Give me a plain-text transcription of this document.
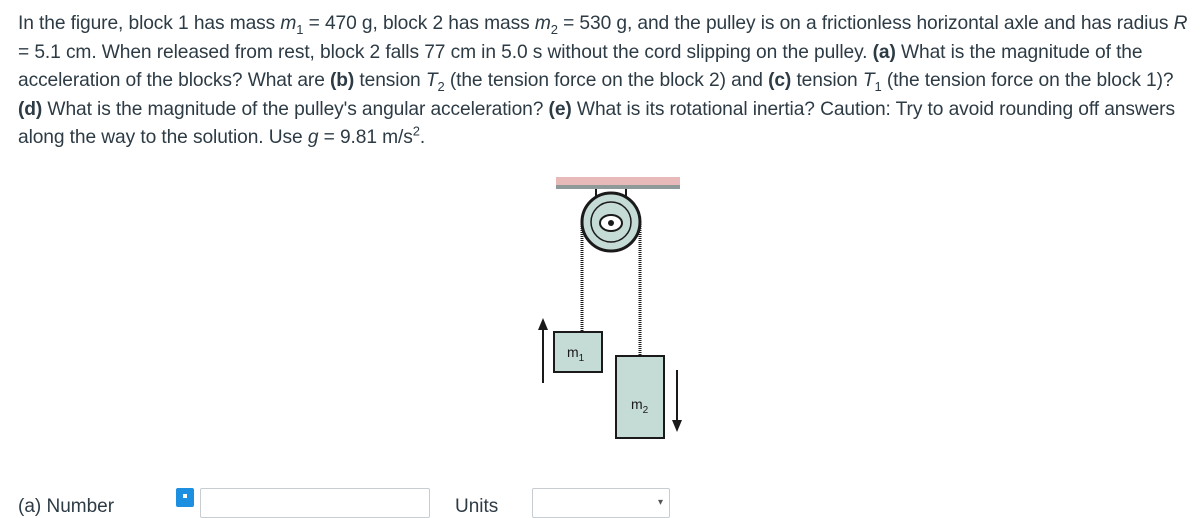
In the figure, block 1 has mass $m_1 = 470$ g, block 2 has mass $m_2 = 530$ g, and the pulley is on a frictionless horizontal axle and has radius R = 5.1 cm. When released from rest, block 2 falls 77 cm in 5.0 s without the cord slipping on the pulley. (a) What is the magnitude of the acceleration of the blocks? What are (b) tension $T_2$ (the tension force on the block 2) and (c) tension $T_1$ (the tension force on the block 1)? (d) What is the magnitude of the pulley's angular acceleration? (e) What is its rotational inertia? Caution: Try to avoid rounding off answers along the way to the solution. Use g = 9.81 $m/s^2$.
$m_1$
$m_2$
(a) Number	Units	▾
